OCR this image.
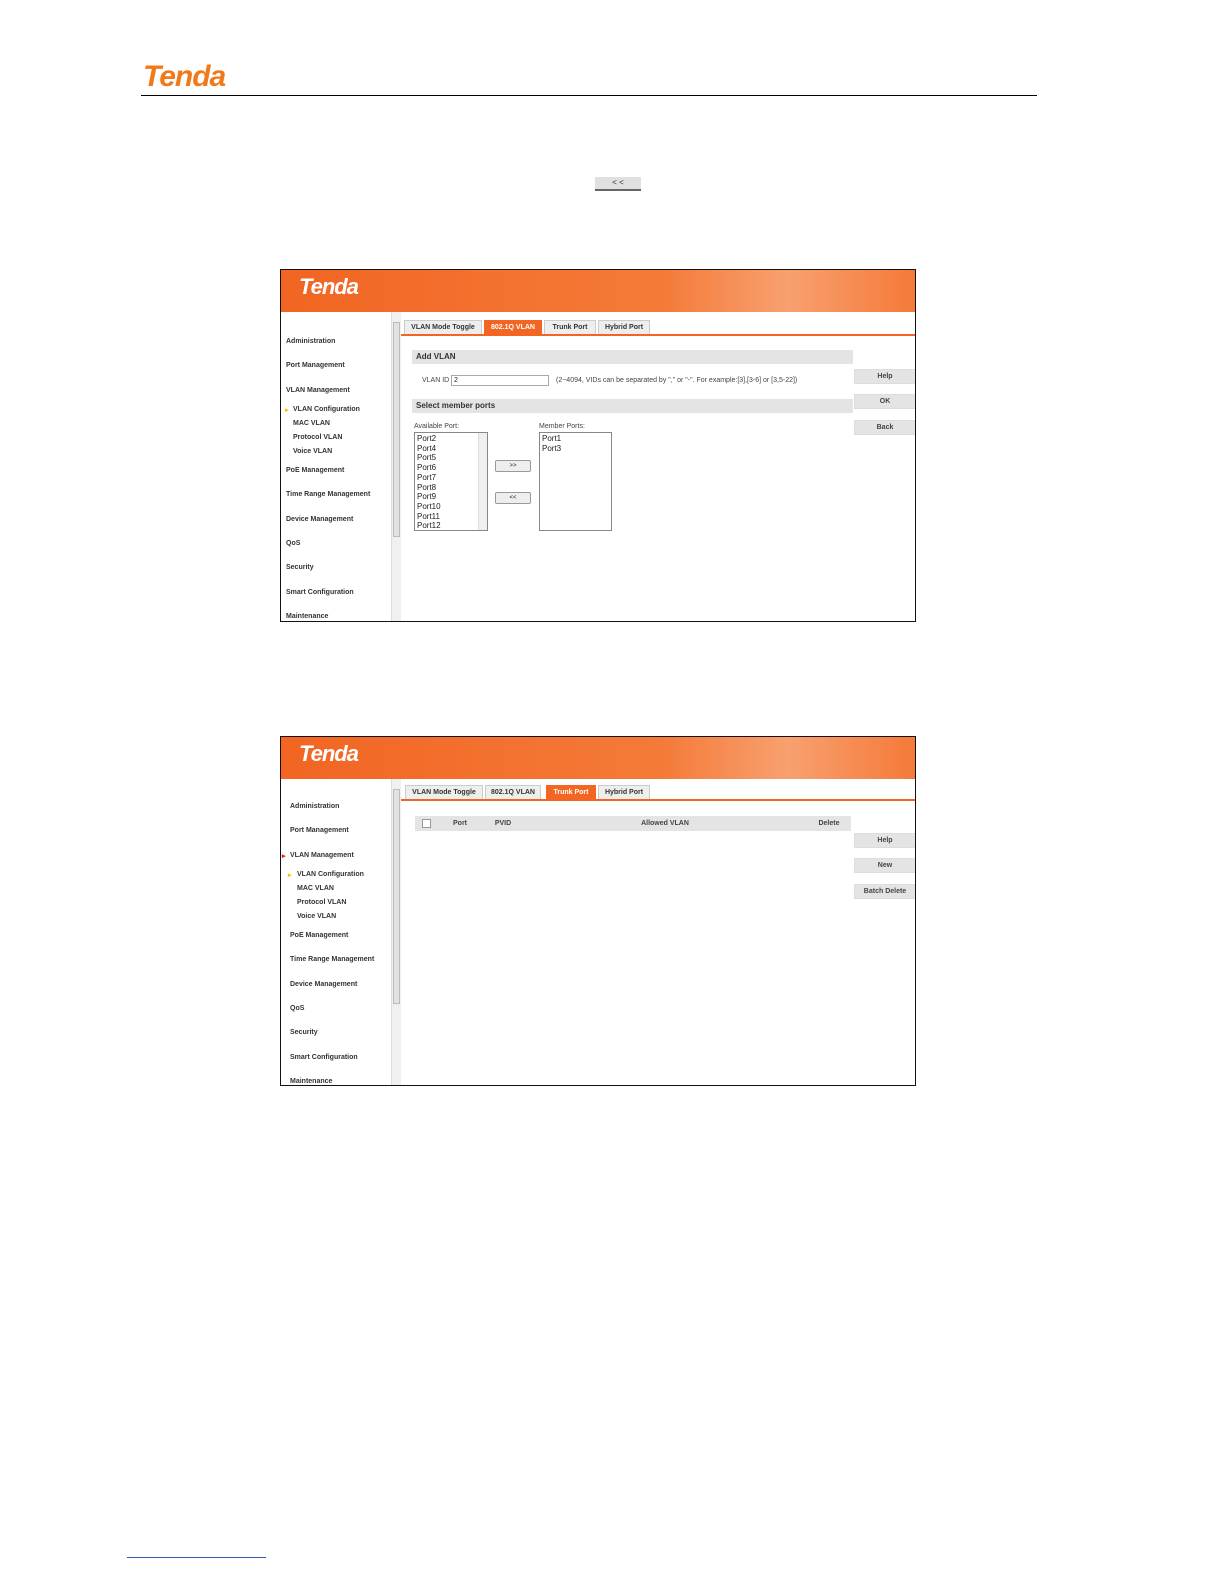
Tenda
< <
Tenda
Administration
Port Management
VLAN Management
▸ VLAN Configuration
MAC VLAN
Protocol VLAN
Voice VLAN
PoE Management
Time Range Management
Device Management
QoS
Security
Smart Configuration
Maintenance
VLAN Mode Toggle	802.1Q VLAN	Trunk Port	Hybrid Port
Add VLAN
VLAN ID 2	(2~4094, VIDs can be separated by "," or "-". For example:[3],[3-6] or [3,5-22])
Select member ports
Available Port:	Member Ports:
Port2
Port4
Port5
Port6
Port7
Port8
Port9
Port10
Port11
Port12
>>
<<
Port1
Port3
Help
OK
Back
Tenda
Administration
Port Management
▸ VLAN Management
▸ VLAN Configuration
MAC VLAN
Protocol VLAN
Voice VLAN
PoE Management
Time Range Management
Device Management
QoS
Security
Smart Configuration
Maintenance
VLAN Mode Toggle	802.1Q VLAN	Trunk Port	Hybrid Port
Port	PVID	Allowed VLAN	Delete
Help
New
Batch Delete
